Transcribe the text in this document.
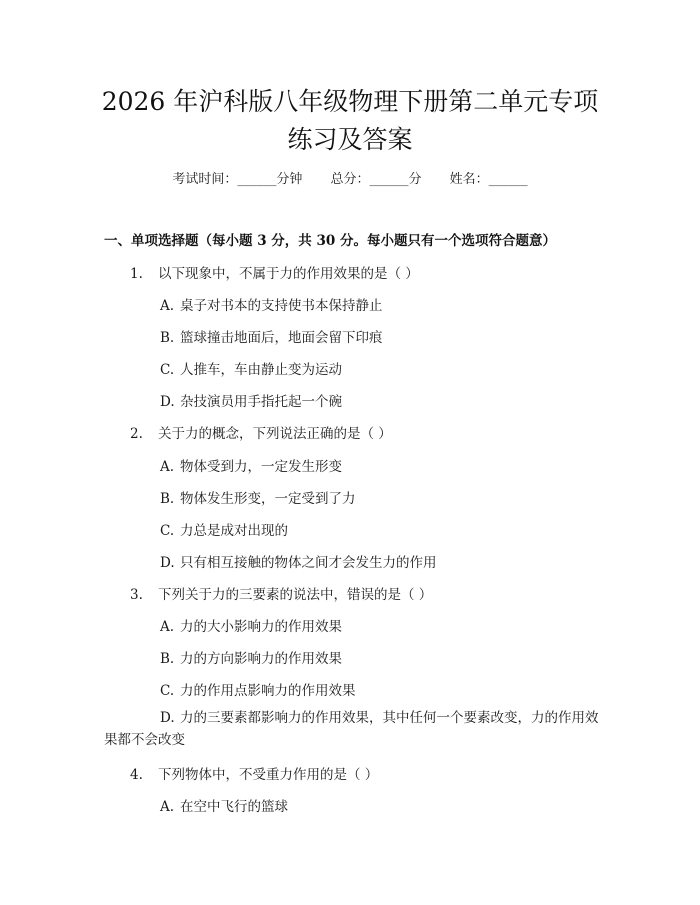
2026 年沪科版八年级物理下册第二单元专项
练习及答案
考试时间：______分钟 总分：______分 姓名：______
一、单项选择题（每小题 3 分，共 30 分。每小题只有一个选项符合题意）
1. 以下现象中，不属于力的作用效果的是（ ）
A. 桌子对书本的支持使书本保持静止
B. 篮球撞击地面后，地面会留下印痕
C. 人推车，车由静止变为运动
D. 杂技演员用手指托起一个碗
2. 关于力的概念，下列说法正确的是（ ）
A. 物体受到力，一定发生形变
B. 物体发生形变，一定受到了力
C. 力总是成对出现的
D. 只有相互接触的物体之间才会发生力的作用
3. 下列关于力的三要素的说法中，错误的是（ ）
A. 力的大小影响力的作用效果
B. 力的方向影响力的作用效果
C. 力的作用点影响力的作用效果
D. 力的三要素都影响力的作用效果，其中任何一个要素改变，力的作用效果都不会改变
4. 下列物体中，不受重力作用的是（ ）
A. 在空中飞行的篮球
